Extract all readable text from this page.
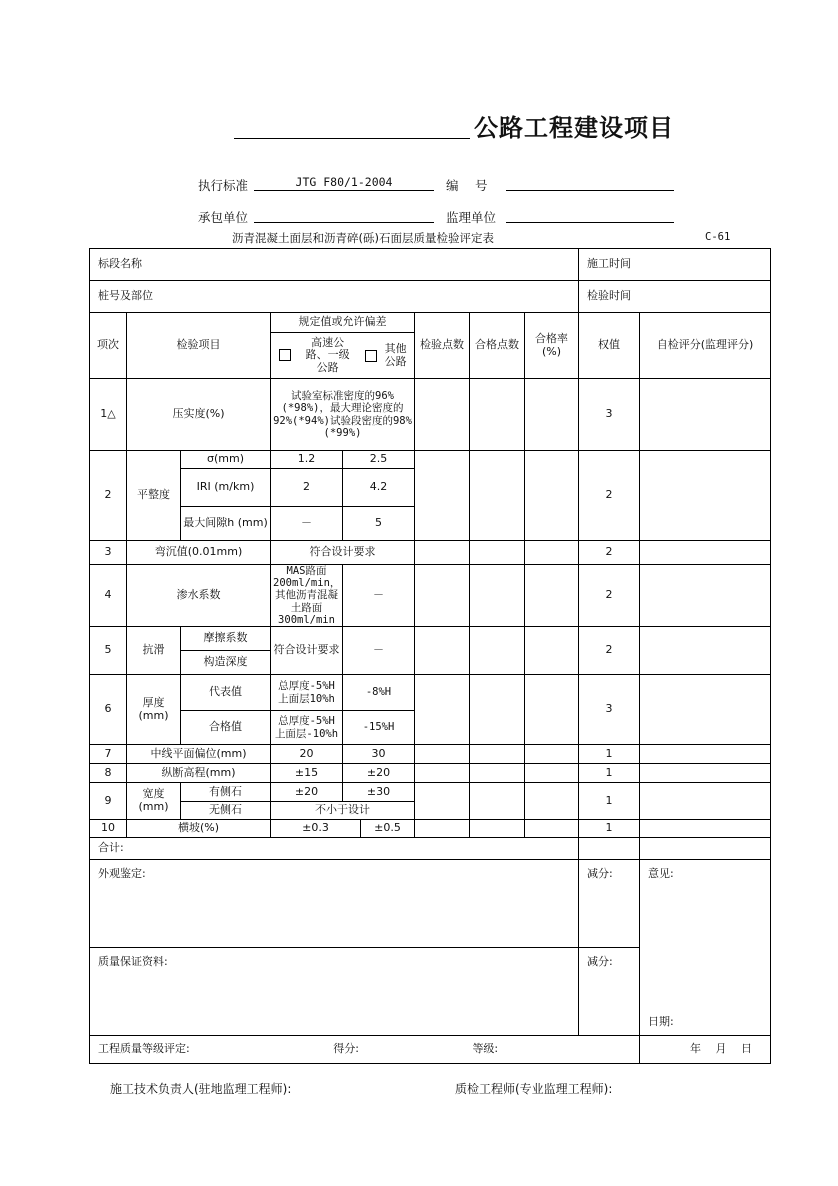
公路工程建设项目
执行标准	JTG F80/1-2004	编　 号
承包单位	监理单位
沥青混凝土面层和沥青碎(砾)石面层质量检验评定表	C-61
标段名称									施工时间	
桩号及部位									检验时间	
项次	检验项目		规定值或允许偏差			检验点数	合格点数	合格率(%)	权值	自检评分(监理评分)

			高速公路、一级公路		其他公路					

1△	压实度(%)		试验室标准密度的96%(*98%)，最大理论密度的92%(*94%)试验段密度的98%(*99%)						3	
2	平整度	σ(mm)	1.2	2.5					2	
		IRI (m/km)	2	4.2						
		最大间隙h (mm)	－	5						
3	弯沉值(0.01mm)		符合设计要求						2	
4	渗水系数		MAS路面200ml/min，其他沥青混凝土路面300ml/min	－					2	
5	抗滑	摩擦系数	符合设计要求	－					2	
		构造深度								
6	厚度(mm)	代表值	总厚度-5%H 上面层10%h	-8%H					3	
		合格值	总厚度-5%H 上面层-10%h	-15%H						
7	中线平面偏位(mm)		20	30					1	
8	纵断高程(mm)		±15	±20					1	
9	宽度(mm)	有侧石	±20	±30					1	
		无侧石	不小于设计							
10	横坡(%)		±0.3		±0.5				1	
合计:										
外观鉴定:									减分:	意见:
日期:

质量保证资料:									减分:	
工程质量等级评定: 得分: 等级:										年　 月　 日
施工技术负责人(驻地监理工程师):	质检工程师(专业监理工程师):
